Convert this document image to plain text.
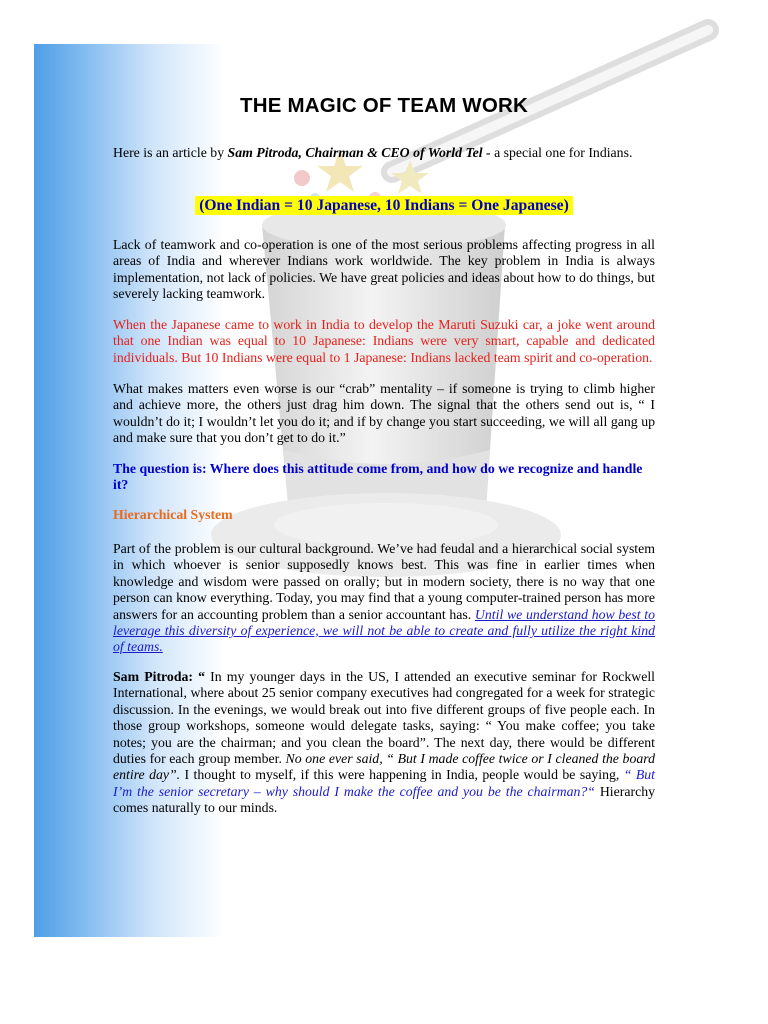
THE MAGIC OF TEAM WORK

Here is an article by Sam Pitroda, Chairman & CEO of World Tel - a special one for Indians.

(One Indian = 10 Japanese, 10 Indians = One Japanese)

Lack of teamwork and co-operation is one of the most serious problems affecting progress in all areas of India and wherever Indians work worldwide. The key problem in India is always implementation, not lack of policies. We have great policies and ideas about how to do things, but severely lacking teamwork.

When the Japanese came to work in India to develop the Maruti Suzuki car, a joke went around that one Indian was equal to 10 Japanese: Indians were very smart, capable and dedicated individuals. But 10 Indians were equal to 1 Japanese: Indians lacked team spirit and co-operation.

What makes matters even worse is our “crab” mentality – if someone is trying to climb higher and achieve more, the others just drag him down. The signal that the others send out is, “ I wouldn’t do it; I wouldn’t let you do it; and if by change you start succeeding, we will all gang up and make sure that you don’t get to do it.”

The question is: Where does this attitude come from, and how do we recognize and handle it?

Hierarchical System

Part of the problem is our cultural background. We’ve had feudal and a hierarchical social system in which whoever is senior supposedly knows best. This was fine in earlier times when knowledge and wisdom were passed on orally; but in modern society, there is no way that one person can know everything. Today, you may find that a young computer-trained person has more answers for an accounting problem than a senior accountant has. Until we understand how best to leverage this diversity of experience, we will not be able to create and fully utilize the right kind of teams.

Sam Pitroda: “ In my younger days in the US, I attended an executive seminar for Rockwell International, where about 25 senior company executives had congregated for a week for strategic discussion. In the evenings, we would break out into five different groups of five people each. In those group workshops, someone would delegate tasks, saying: “ You make coffee; you take notes; you are the chairman; and you clean the board”. The next day, there would be different duties for each group member. No one ever said, “ But I made coffee twice or I cleaned the board entire day”. I thought to myself, if this were happening in India, people would be saying, “ But I’m the senior secretary – why should I make the coffee and you be the chairman?“ Hierarchy comes naturally to our minds.
